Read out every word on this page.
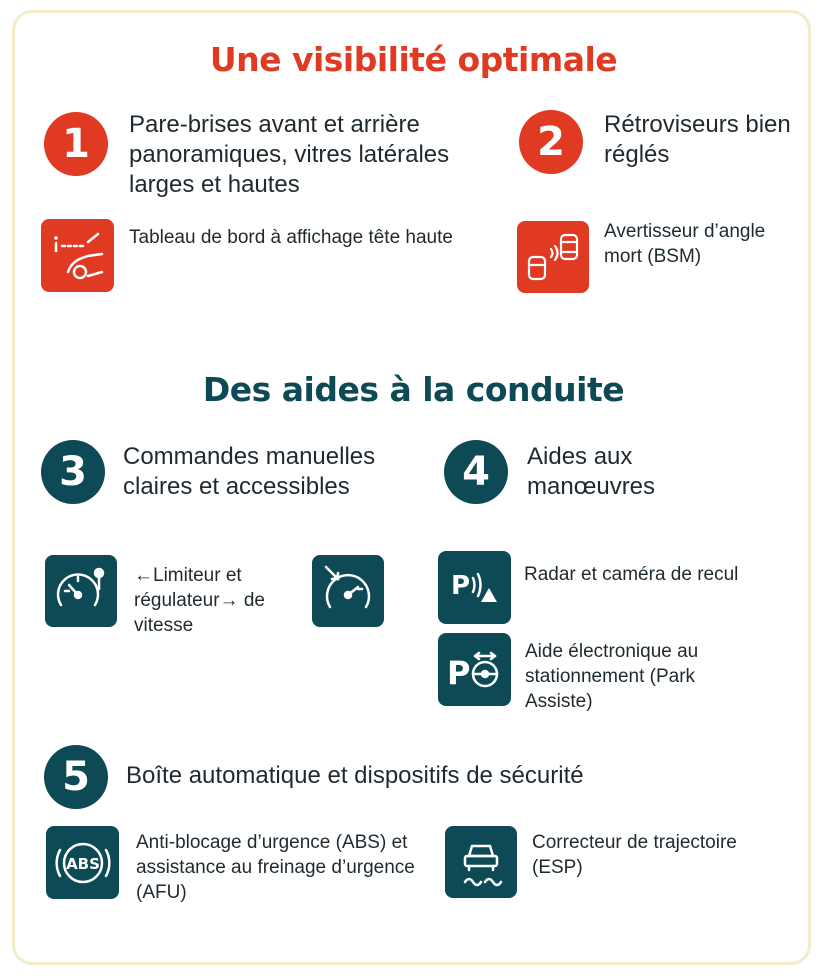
Une visibilité optimale
1	Pare-brises avant et arrière panoramiques, vitres latérales larges et hautes
2	Rétroviseurs bien réglés
Tableau de bord à affichage tête haute	Avertisseur d’angle mort (BSM)
Des aides à la conduite
3	Commandes manuelles claires et accessibles	4	Aides aux manœuvres
←Limiteur et régulateur→ de vitesse
P	Radar et caméra de recul
P
Aide électronique au stationnement (Park Assiste)
5	Boîte automatique et dispositifs de sécurité
ABS
Anti-blocage d’urgence (ABS) et assistance au freinage d’urgence (AFU)
Correcteur de trajectoire (ESP)
